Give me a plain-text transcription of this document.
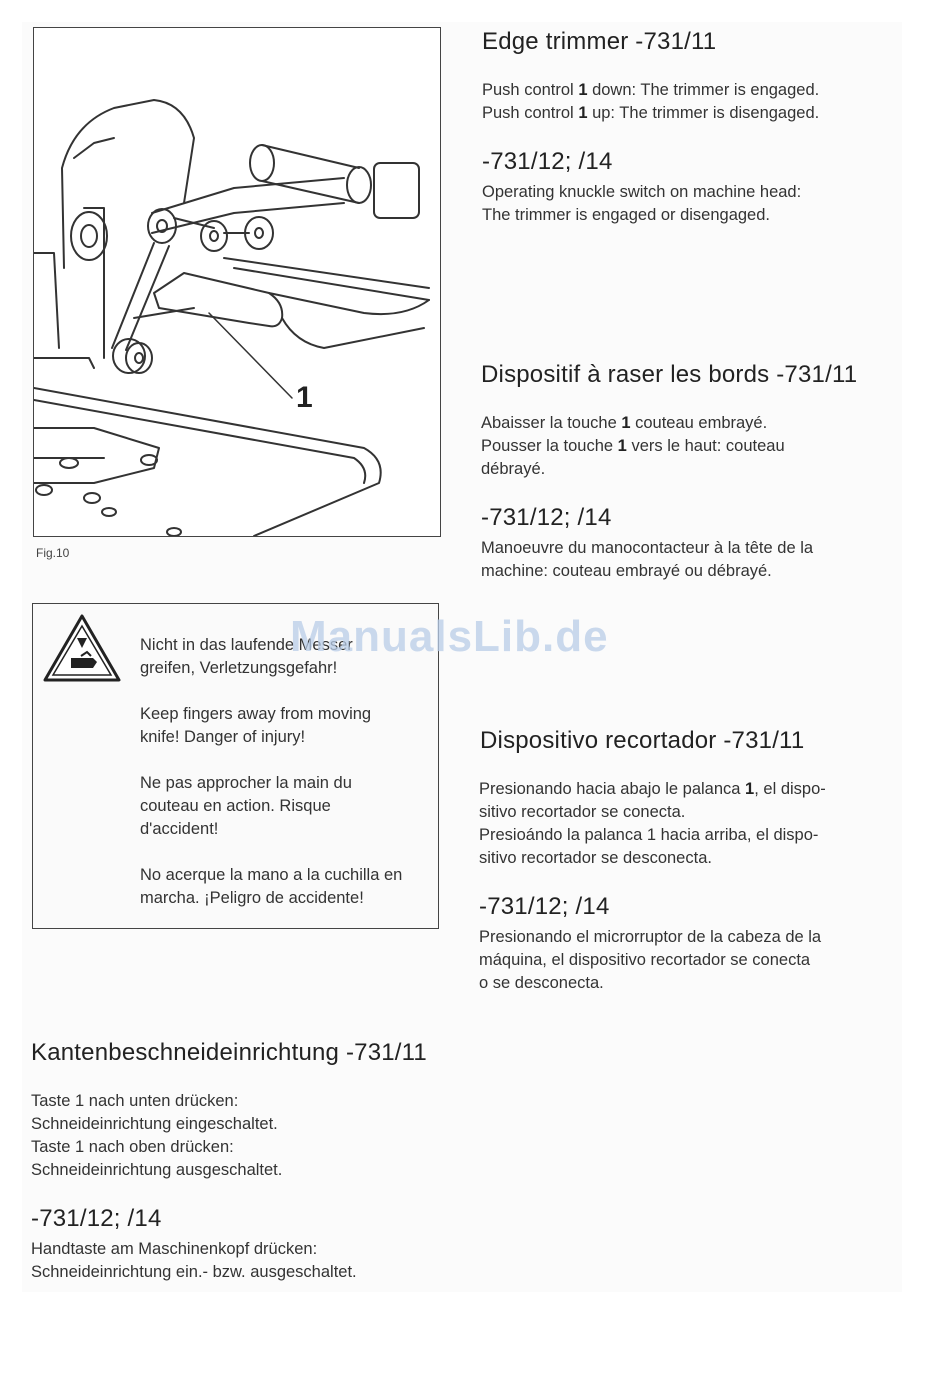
1
Fig.10

Nicht in das laufende Messer
greifen, Verletzungsgefahr!

Keep fingers away from moving
knife! Danger of injury!

Ne pas approcher la main du
couteau en action. Risque
d'accident!

No acerque la mano a la cuchilla en
marcha. ¡Peligro de accidente!

ManualsLib.de
Edge trimmer -731/11
Push control 1 down: The trimmer is engaged.
Push control 1 up: The trimmer is disengaged.
-731/12; /14
Operating knuckle switch on machine head:
The trimmer is engaged or disengaged.
Dispositif à raser les bords -731/11
Abaisser la touche 1 couteau embrayé.
Pousser la touche 1 vers le haut: couteau
débrayé.
-731/12; /14
Manoeuvre du manocontacteur à la tête de la
machine: couteau embrayé ou débrayé.
Dispositivo recortador -731/11
Presionando hacia abajo le palanca 1, el dispo-
sitivo recortador se conecta.
Presioándo la palanca 1 hacia arriba, el dispo-
sitivo recortador se desconecta.
-731/12; /14
Presionando el microrruptor de la cabeza de la
máquina, el dispositivo recortador se conecta
o se desconecta.
Kantenbeschneideinrichtung -731/11
Taste 1 nach unten drücken:
Schneideinrichtung eingeschaltet.
Taste 1 nach oben drücken:
Schneideinrichtung ausgeschaltet.
-731/12; /14
Handtaste am Maschinenkopf drücken:
Schneideinrichtung ein.- bzw. ausgeschaltet.
